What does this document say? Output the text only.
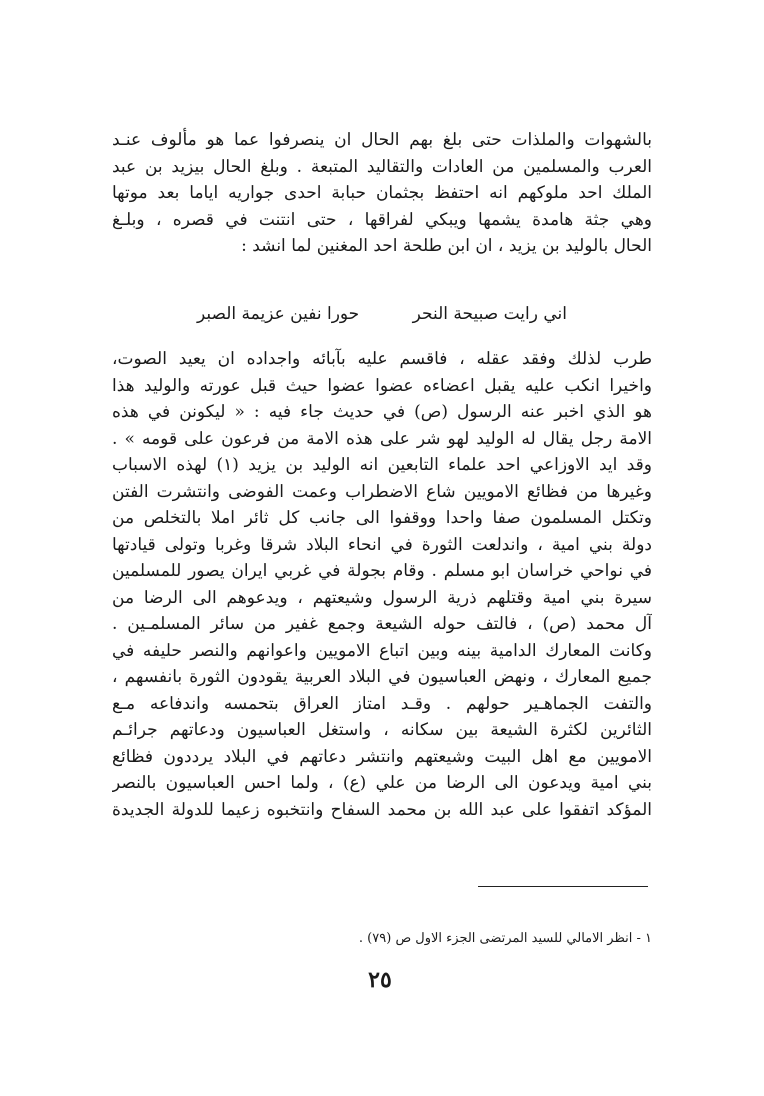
بالشهوات والملذات حتى بلغ بهم الحال ان ينصرفوا عما هو مألوف عنـد
العرب والمسلمين من العادات والتقاليد المتبعة . وبلغ الحال بيزيد بن عبد
الملك احد ملوكهم انه احتفظ بجثمان حبابة احدى جواريه اياما بعد موتها
وهي جثة هامدة يشمها ويبكي لفراقها ، حتى انتنت في قصره ، وبلـغ
الحال بالوليد بن يزيد ، ان ابن طلحة احد المغنين لما انشد :
اني رايت صبيحة النحر حورا نفين عزيمة الصبر
طرب لذلك وفقد عقله ، فاقسم عليه بآبائه واجداده ان يعيد الصوت،
واخيرا انكب عليه يقبل اعضاءه عضوا عضوا حيث قبل عورته والوليد هذا
هو الذي اخبر عنه الرسول (ص) في حديث جاء فيه : « ليكونن في هذه
الامة رجل يقال له الوليد لهو شر على هذه الامة من فرعون على قومه » .
وقد ايد الاوزاعي احد علماء التابعين انه الوليد بن يزيد (١) لهذه الاسباب
وغيرها من فظائع الامويين شاع الاضطراب وعمت الفوضى وانتشرت الفتن
وتكتل المسلمون صفا واحدا ووقفوا الى جانب كل ثائر املا بالتخلص من
دولة بني امية ، واندلعت الثورة في انحاء البلاد شرقا وغربا وتولى قيادتها
في نواحي خراسان ابو مسلم . وقام بجولة في غربي ايران يصور للمسلمين
سيرة بني امية وقتلهم ذرية الرسول وشيعتهم ، ويدعوهم الى الرضا من
آل محمد (ص) ، فالتف حوله الشيعة وجمع غفير من سائر المسلمـين .
وكانت المعارك الدامية بينه وبين اتباع الامويين واعوانهم والنصر حليفه في
جميع المعارك ، ونهض العباسيون في البلاد العربية يقودون الثورة بانفسهم ،
والتفت الجماهـير حولهم . وقـد امتاز العراق بتحمسه واندفاعه مـع
الثائرين لكثرة الشيعة بين سكانه ، واستغل العباسيون ودعاتهم جرائـم
الامويين مع اهل البيت وشيعتهم وانتشر دعاتهم في البلاد يرددون فظائع
بني امية ويدعون الى الرضا من علي (ع) ، ولما احس العباسيون بالنصر
المؤكد اتفقوا على عبد الله بن محمد السفاح وانتخبوه زعيما للدولة الجديدة
١ - انظر الامالي للسيد المرتضى الجزء الاول ص (٧٩) .
٢٥
